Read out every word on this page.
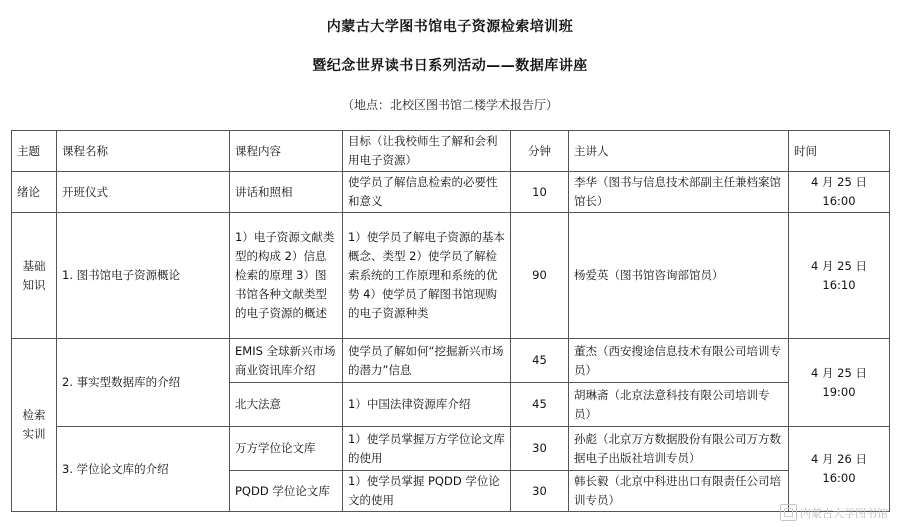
内蒙古大学图书馆电子资源检索培训班
暨纪念世界读书日系列活动——数据库讲座
（地点：北校区图书馆二楼学术报告厅）
主题	课程名称	课程内容	目标（让我校师生了解和会利用电子资源）	分钟	主讲人	时间
绪论	开班仪式	讲话和照相	使学员了解信息检索的必要性和意义	10	李华（图书与信息技术部副主任兼档案馆馆长）	4 月 25 日 16:00
基础知识	1. 图书馆电子资源概论	1）电子资源文献类型的构成 2）信息检索的原理 3）图书馆各种文献类型的电子资源的概述	1）使学员了解电子资源的基本概念、类型 2）使学员了解检索系统的工作原理和系统的优势 4）使学员了解图书馆现购的电子资源种类	90	杨爱英（图书馆咨询部馆员）	4 月 25 日 16:10
检索实训	2. 事实型数据库的介绍	EMIS 全球新兴市场商业资讯库介绍	使学员了解如何“挖掘新兴市场的潜力”信息	45	董杰（西安搜途信息技术有限公司培训专员）	4 月 25 日 19:00
		北大法意	1）中国法律资源库介绍	45	胡琳斋（北京法意科技有限公司培训专员）	
	3. 学位论文库的介绍	万方学位论文库	1）使学员掌握万方学位论文库的使用	30	孙彪（北京万方数据股份有限公司万方数据电子出版社培训专员）	4 月 26 日 16:00
		PQDD 学位论文库	1）使学员掌握 PQDD 学位论文的使用	30	韩长毅（北京中科进出口有限责任公司培训专员）	
内蒙古大学图书馆
